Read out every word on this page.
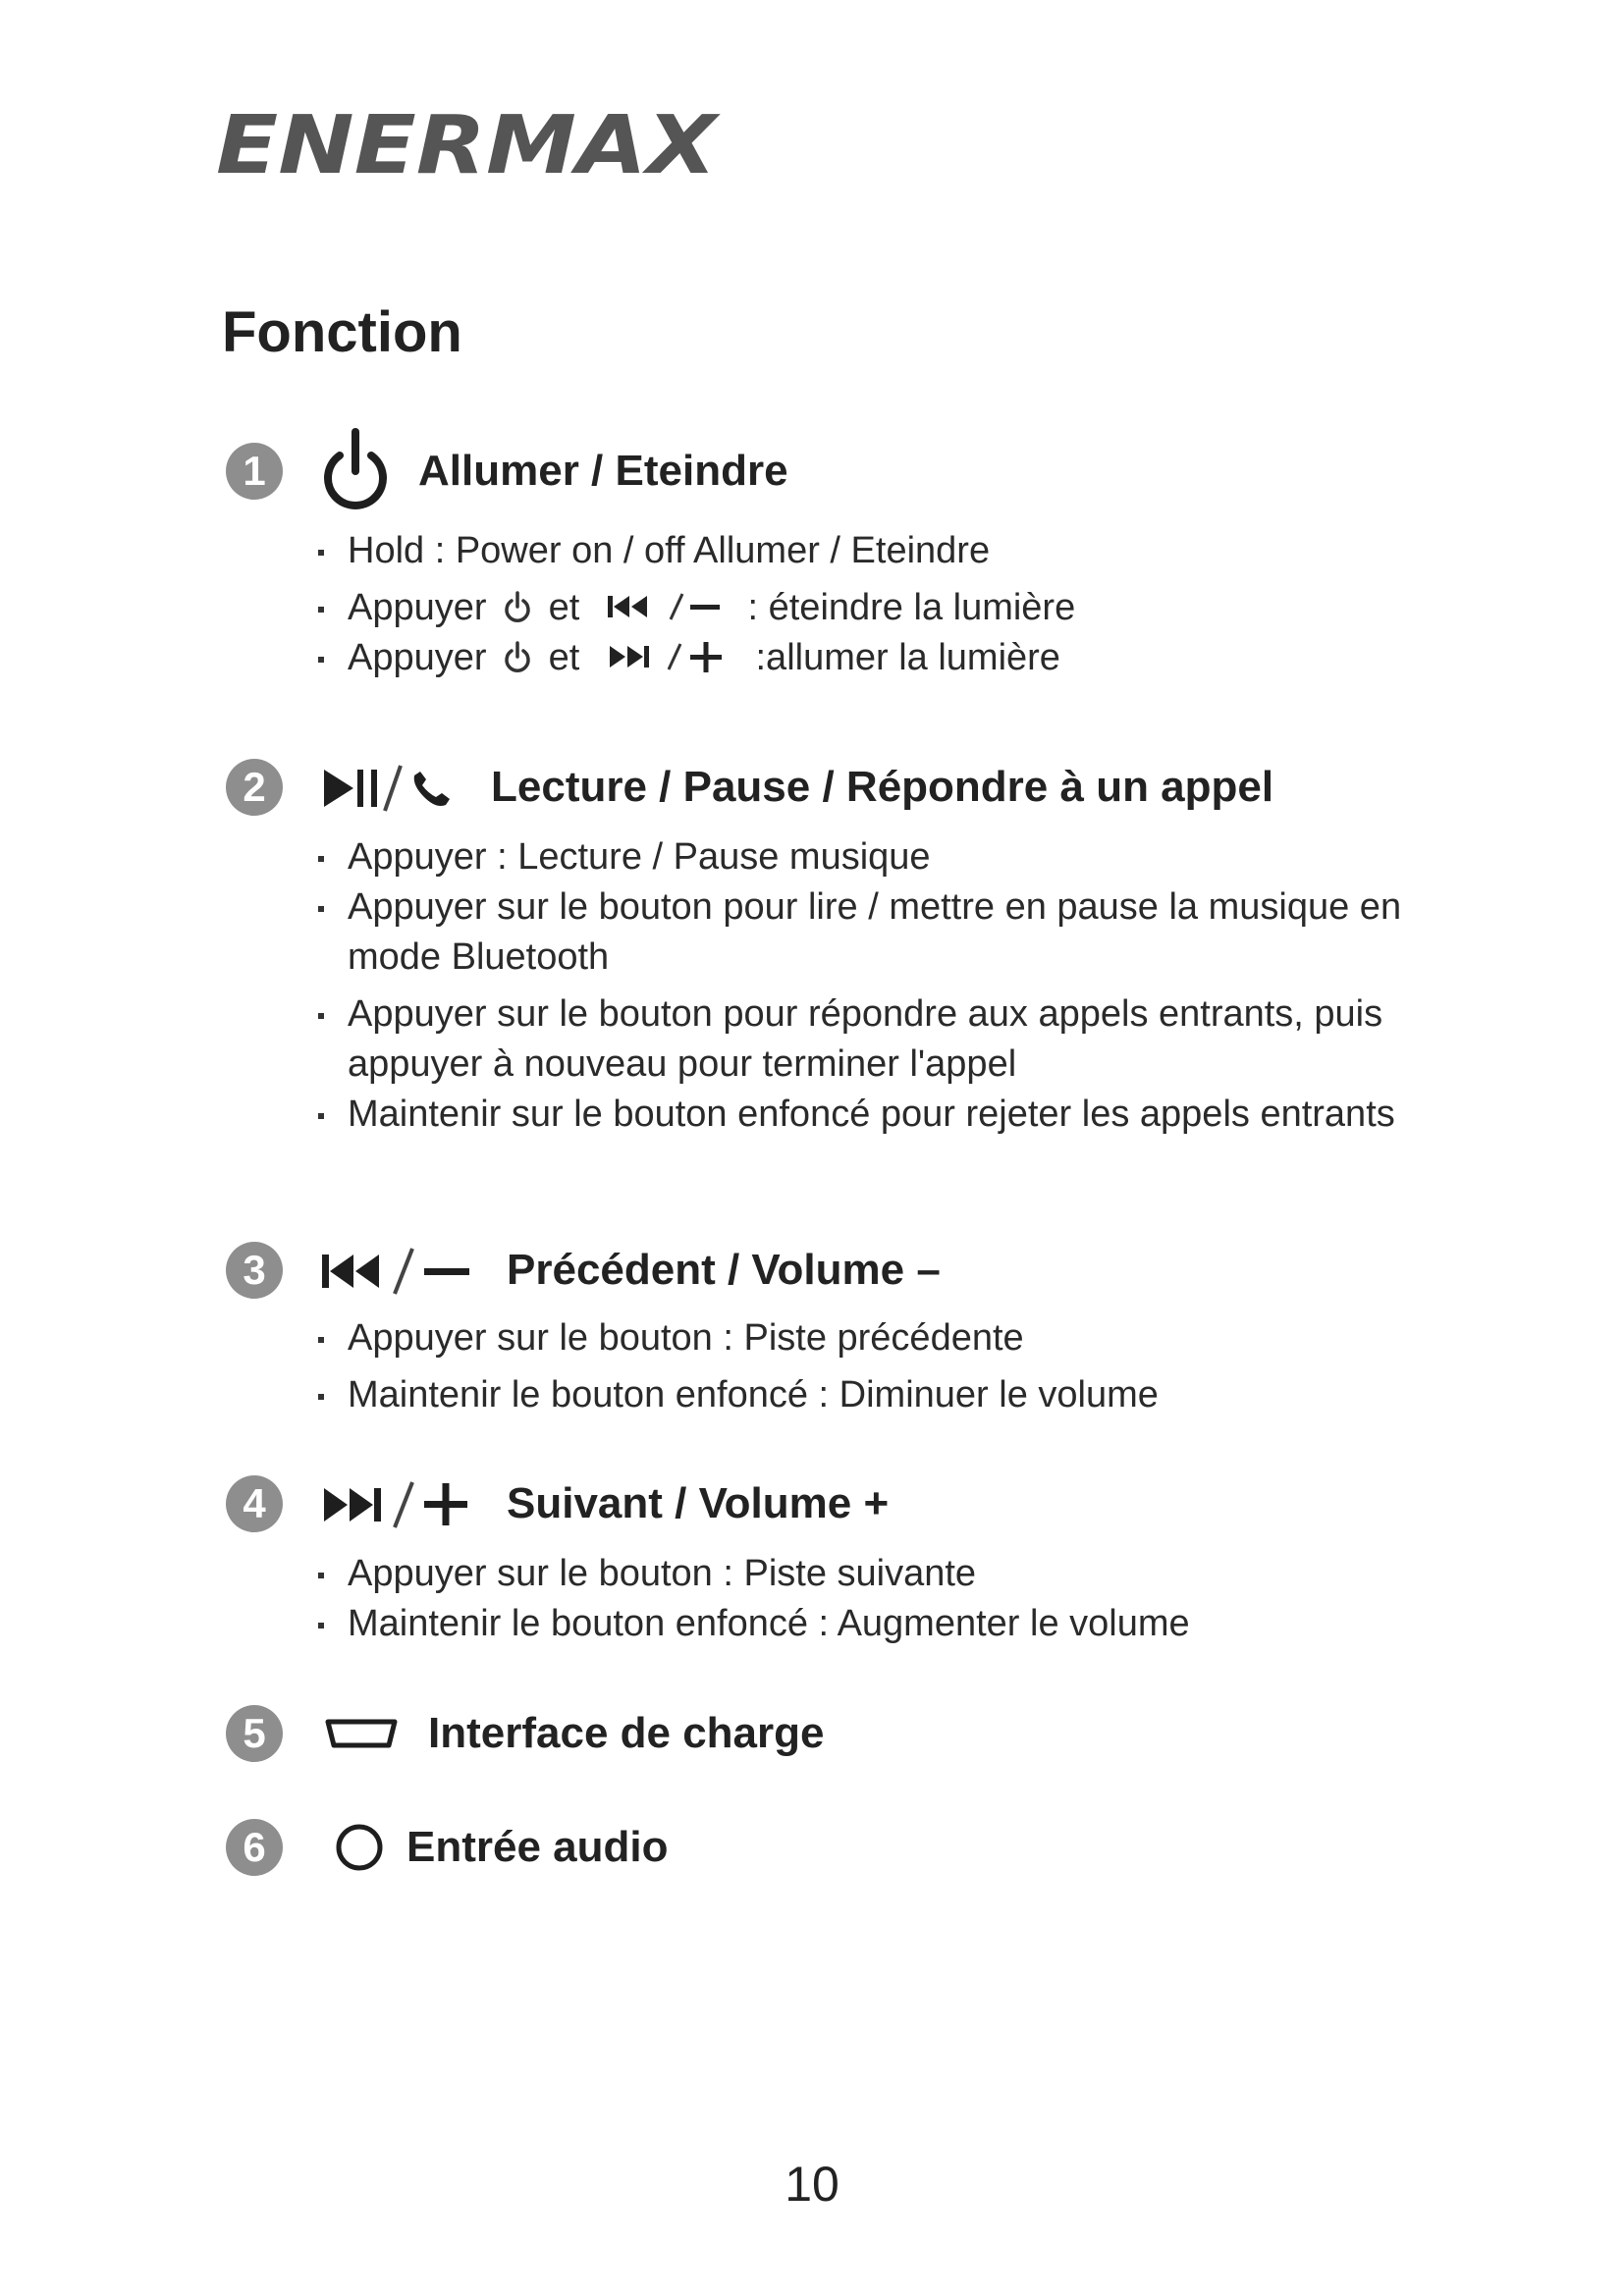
ENERMAX
Fonction
1	Allumer / Eteindre
Hold : Power on / off Allumer / Eteindre
Appuyer et	: éteindre la lumière
Appuyer et	:allumer la lumière
2	Lecture / Pause / Répondre à un appel
Appuyer : Lecture / Pause musique
Appuyer sur le bouton pour lire / mettre en pause la musique en mode Bluetooth
Appuyer sur le bouton pour répondre aux appels entrants, puis appuyer à nouveau pour terminer l'appel
Maintenir sur le bouton enfoncé pour rejeter les appels entrants
3	Précédent / Volume –
Appuyer sur le bouton : Piste précédente
Maintenir le bouton enfoncé : Diminuer le volume
4	Suivant / Volume +
Appuyer sur le bouton : Piste suivante
Maintenir le bouton enfoncé : Augmenter le volume
5	Interface de charge
6	Entrée audio
10
